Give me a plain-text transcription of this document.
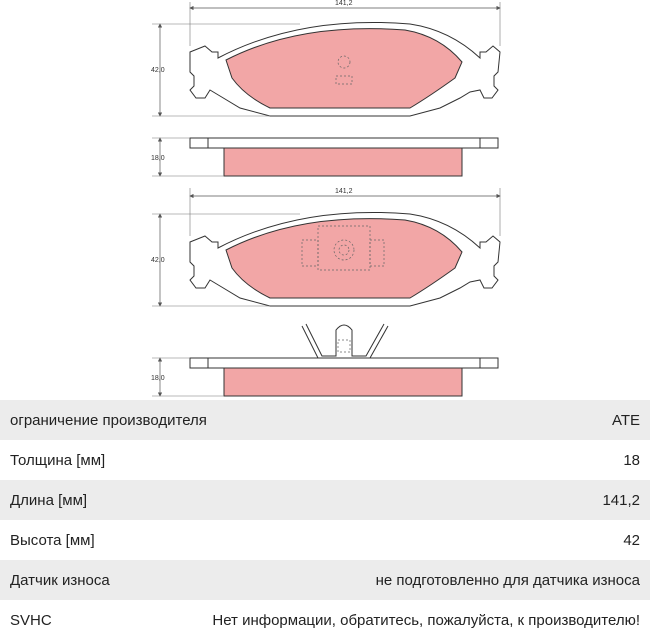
141,2
42,0
18,0
141,2
42,0
18,0
ограничение производителя	ATE
Толщина [мм]	18
Длина [мм]	141,2
Высота [мм]	42
Датчик износа	не подготовленно для датчика износа
SVHC	Нет информации, обратитесь, пожалуйста, к производителю!
